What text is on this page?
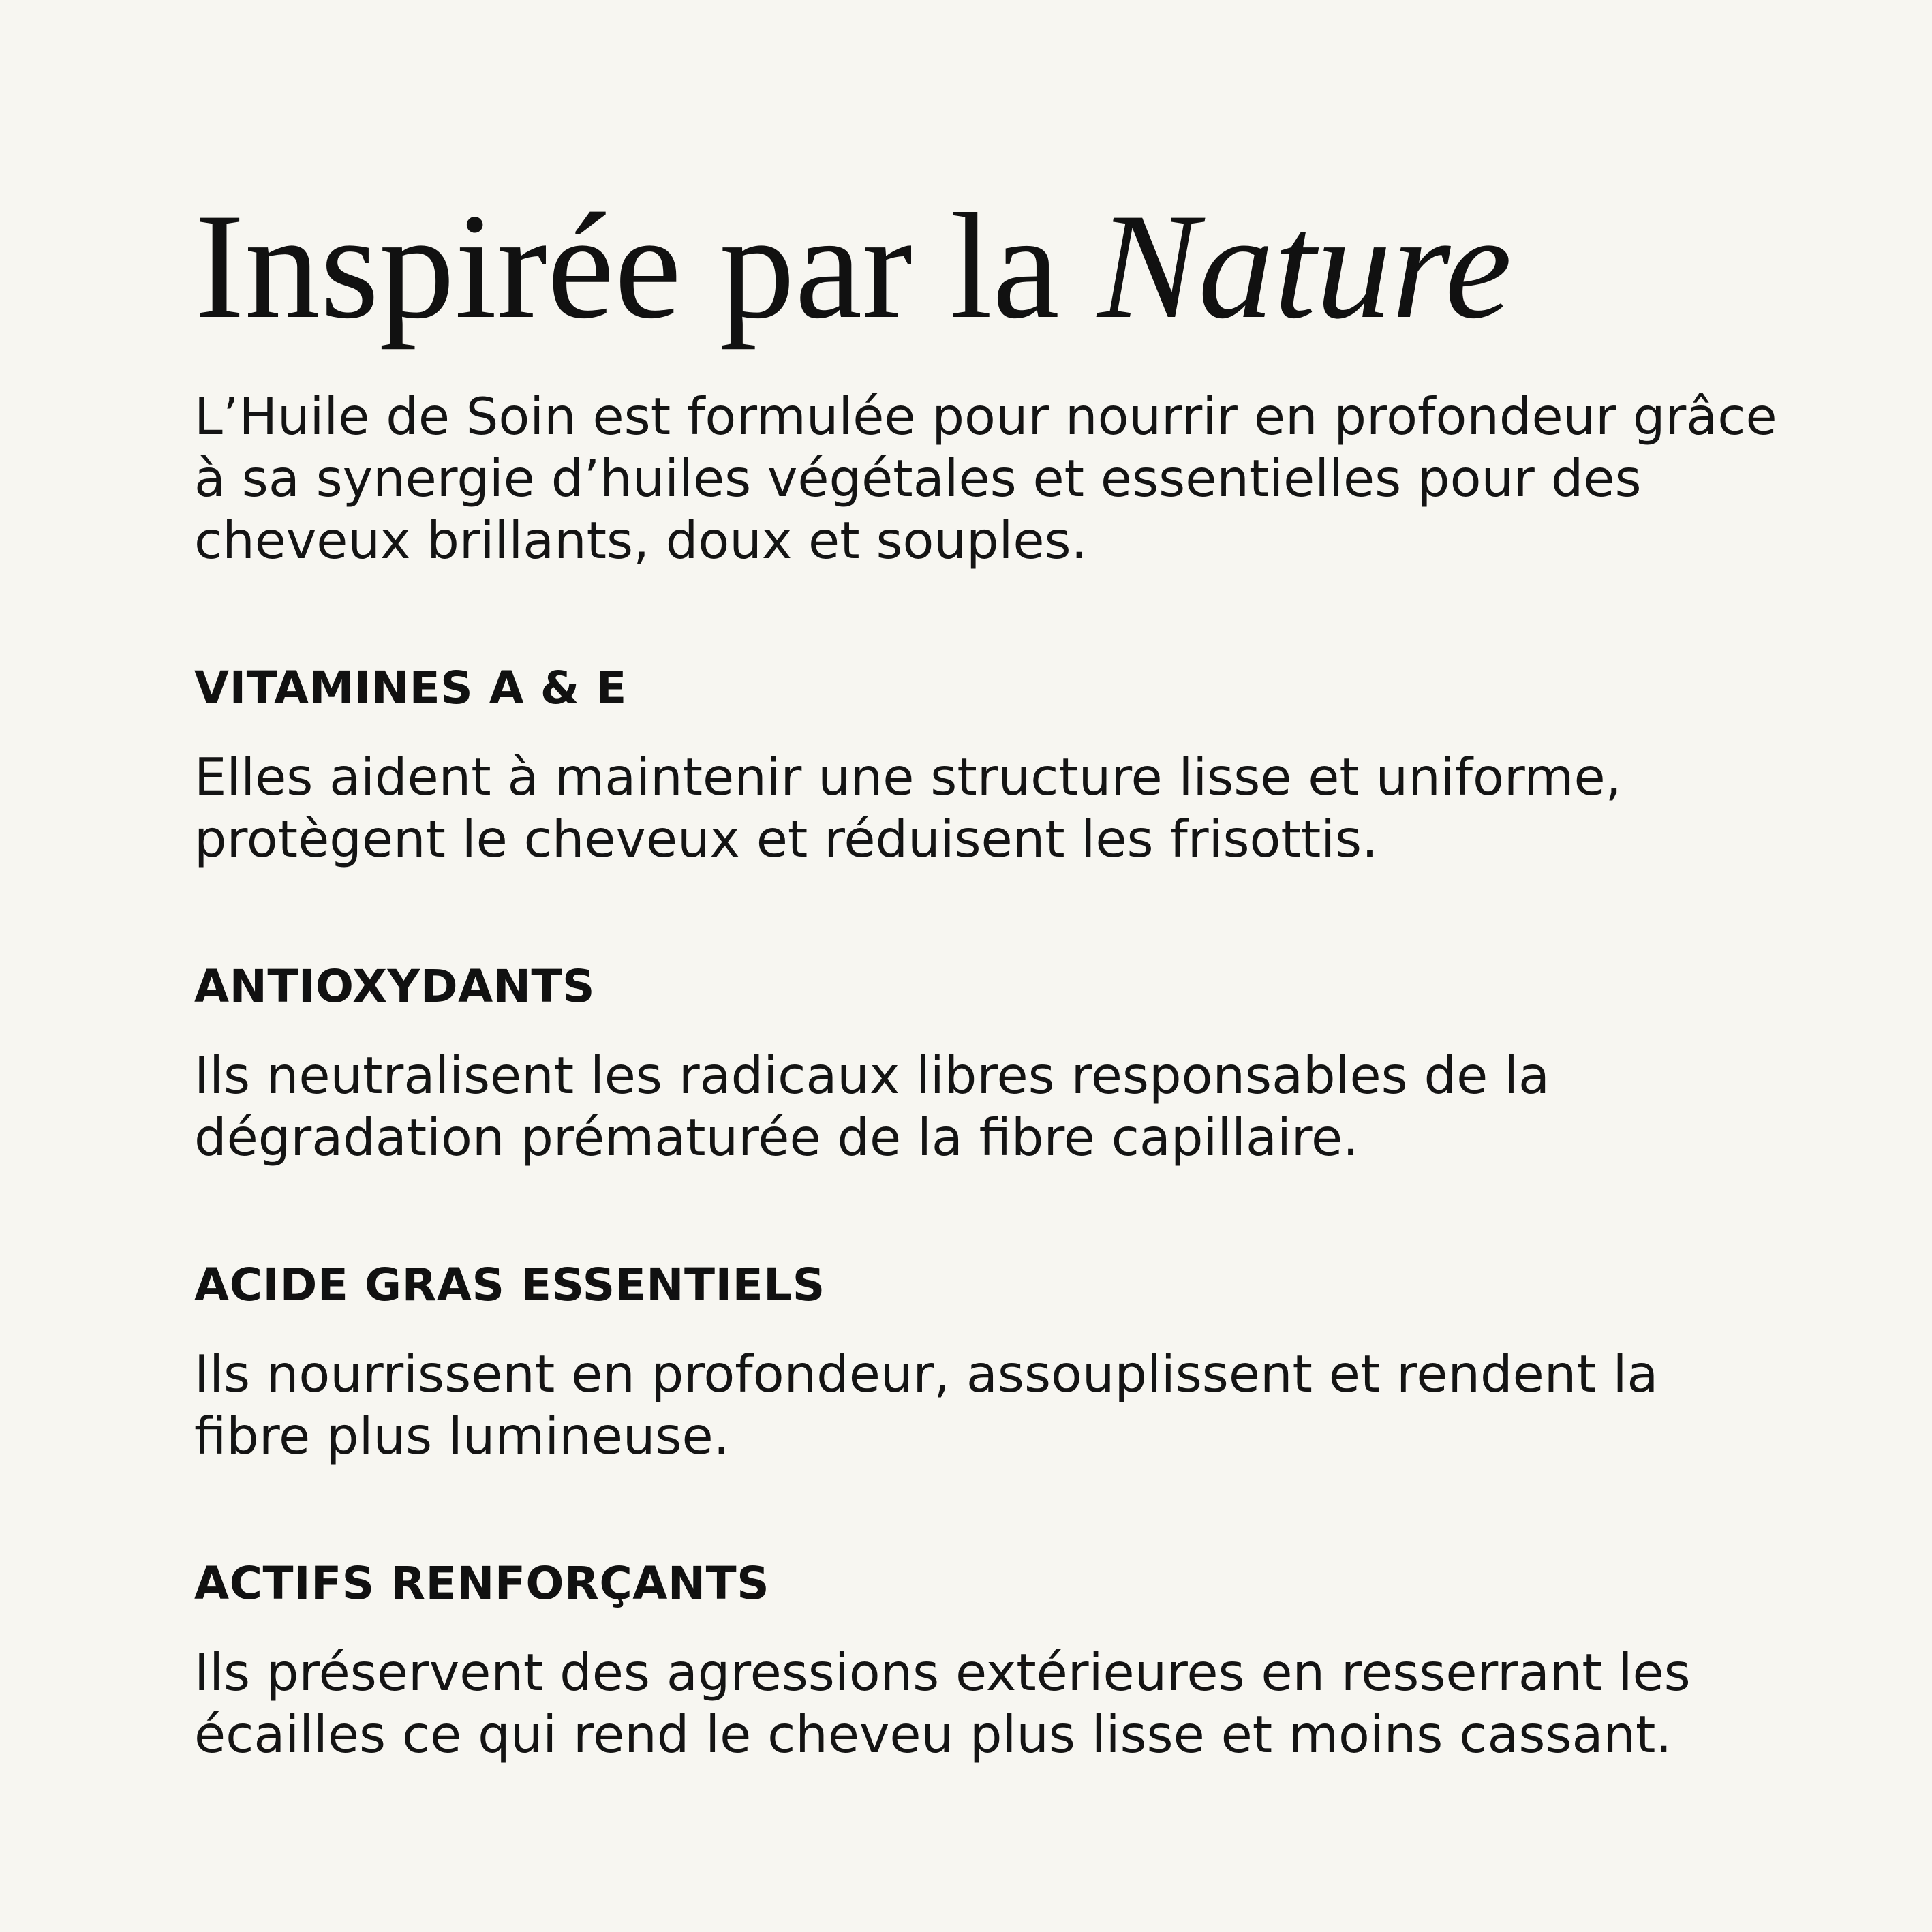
Inspirée par la Nature

L’Huile de Soin est formulée pour nourrir en profondeur grâce
à sa synergie d’huiles végétales et essentielles pour des
cheveux brillants, doux et souples.

VITAMINES A & E

Elles aident à maintenir une structure lisse et uniforme,
protègent le cheveux et réduisent les frisottis.

ANTIOXYDANTS

Ils neutralisent les radicaux libres responsables de la
dégradation prématurée de la fibre capillaire.

ACIDE GRAS ESSENTIELS

Ils nourrissent en profondeur, assouplissent et rendent la
fibre plus lumineuse.

ACTIFS RENFORÇANTS

Ils préservent des agressions extérieures en resserrant les
écailles ce qui rend le cheveu plus lisse et moins cassant.
